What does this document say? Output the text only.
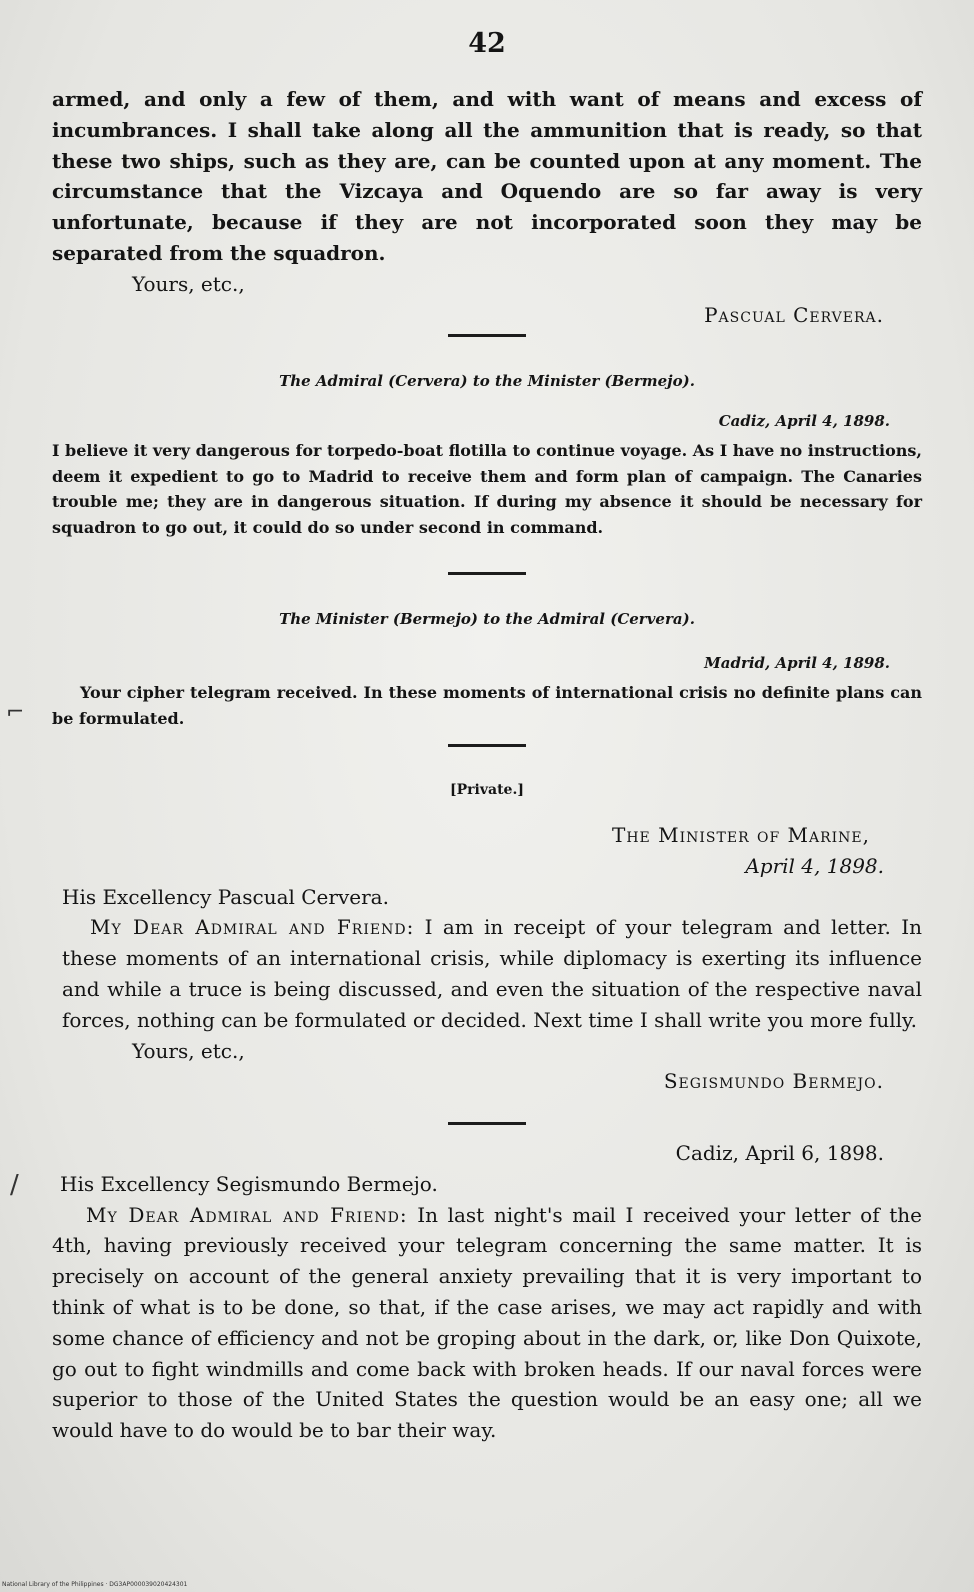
42

armed, and only a few of them, and with want of means and excess of incumbrances. I shall take along all the ammunition that is ready, so that these two ships, such as they are, can be counted upon at any moment. The circumstance that the Vizcaya and Oquendo are so far away is very unfortunate, because if they are not incorporated soon they may be separated from the squadron.

Yours, etc.,

Pascual Cervera.

The Admiral (Cervera) to the Minister (Bermejo).
Cadiz, April 4, 1898.

I believe it very dangerous for torpedo-boat flotilla to continue voyage. As I have no instructions, deem it expedient to go to Madrid to receive them and form plan of campaign. The Canaries trouble me; they are in dangerous situation. If during my absence it should be necessary for squadron to go out, it could do so under second in command.

The Minister (Bermejo) to the Admiral (Cervera).
Madrid, April 4, 1898.

Your cipher telegram received. In these moments of international crisis no definite plans can be formulated.

[Private.]

The Minister of Marine,

April 4, 1898.

His Excellency Pascual Cervera.

My Dear Admiral and Friend: I am in receipt of your telegram and letter. In these moments of an international crisis, while diplomacy is exerting its influence and while a truce is being discussed, and even the situation of the respective naval forces, nothing can be formulated or decided. Next time I shall write you more fully.

Yours, etc.,

Segismundo Bermejo.

Cadiz, April 6, 1898.

His Excellency Segismundo Bermejo.

My Dear Admiral and Friend: In last night's mail I received your letter of the 4th, having previously received your telegram concerning the same matter. It is precisely on account of the general anxiety prevailing that it is very important to think of what is to be done, so that, if the case arises, we may act rapidly and with some chance of efficiency and not be groping about in the dark, or, like Don Quixote, go out to fight windmills and come back with broken heads. If our naval forces were superior to those of the United States the question would be an easy one; all we would have to do would be to bar their way.

⌐
/
National Library of the Philippines · DG3AP000039020424301
